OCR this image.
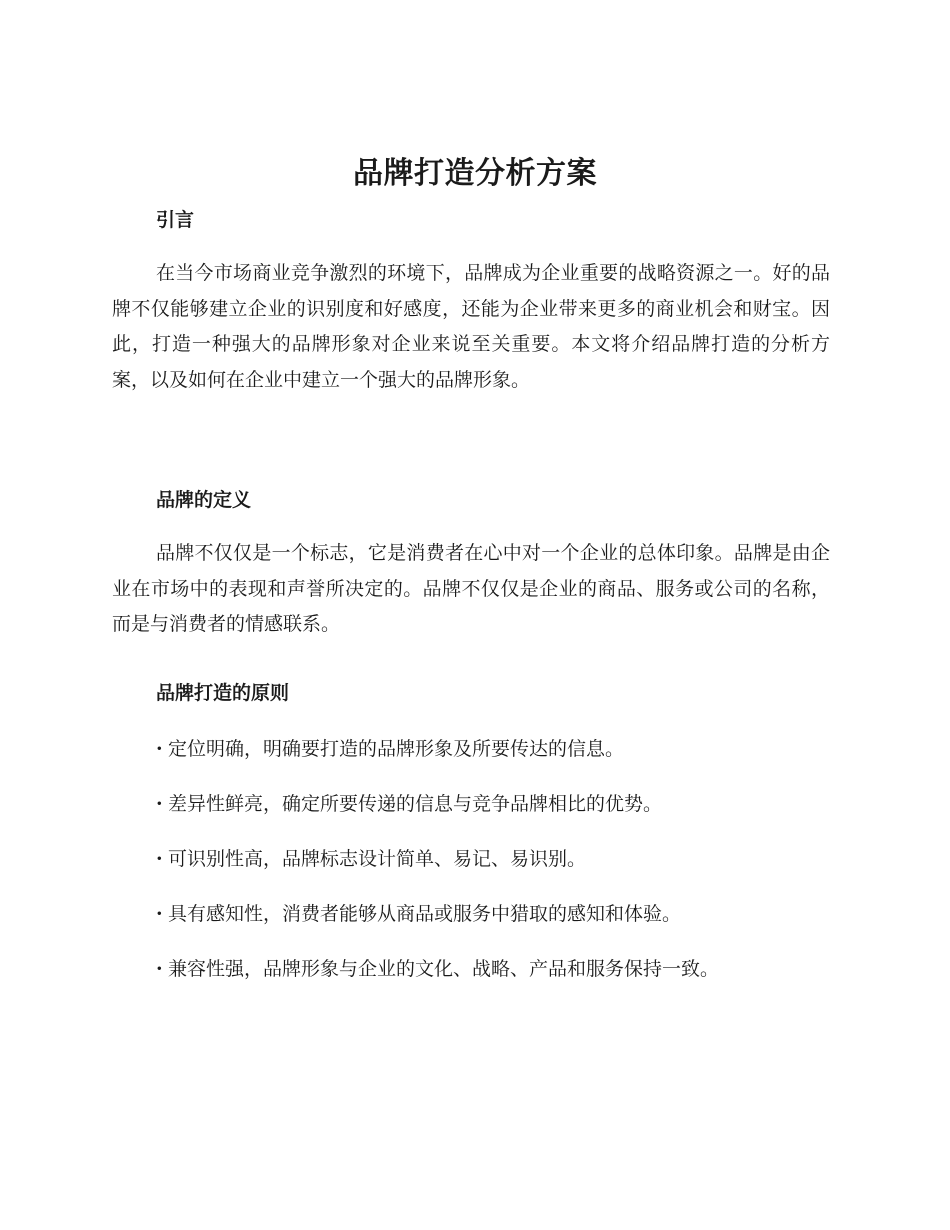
品牌打造分析方案
引言

在当今市场商业竞争激烈的环境下，品牌成为企业重要的战略资源之一。好的品牌不仅能够建立企业的识别度和好感度，还能为企业带来更多的商业机会和财宝。因此，打造一种强大的品牌形象对企业来说至关重要。本文将介绍品牌打造的分析方案，以及如何在企业中建立一个强大的品牌形象。

品牌的定义

品牌不仅仅是一个标志，它是消费者在心中对一个企业的总体印象。品牌是由企业在市场中的表现和声誉所决定的。品牌不仅仅是企业的商品、服务或公司的名称，而是与消费者的情感联系。

品牌打造的原则
· 定位明确，明确要打造的品牌形象及所要传达的信息。
· 差异性鲜亮，确定所要传递的信息与竞争品牌相比的优势。
· 可识别性高，品牌标志设计简单、易记、易识别。
· 具有感知性，消费者能够从商品或服务中猎取的感知和体验。
· 兼容性强，品牌形象与企业的文化、战略、产品和服务保持一致。
